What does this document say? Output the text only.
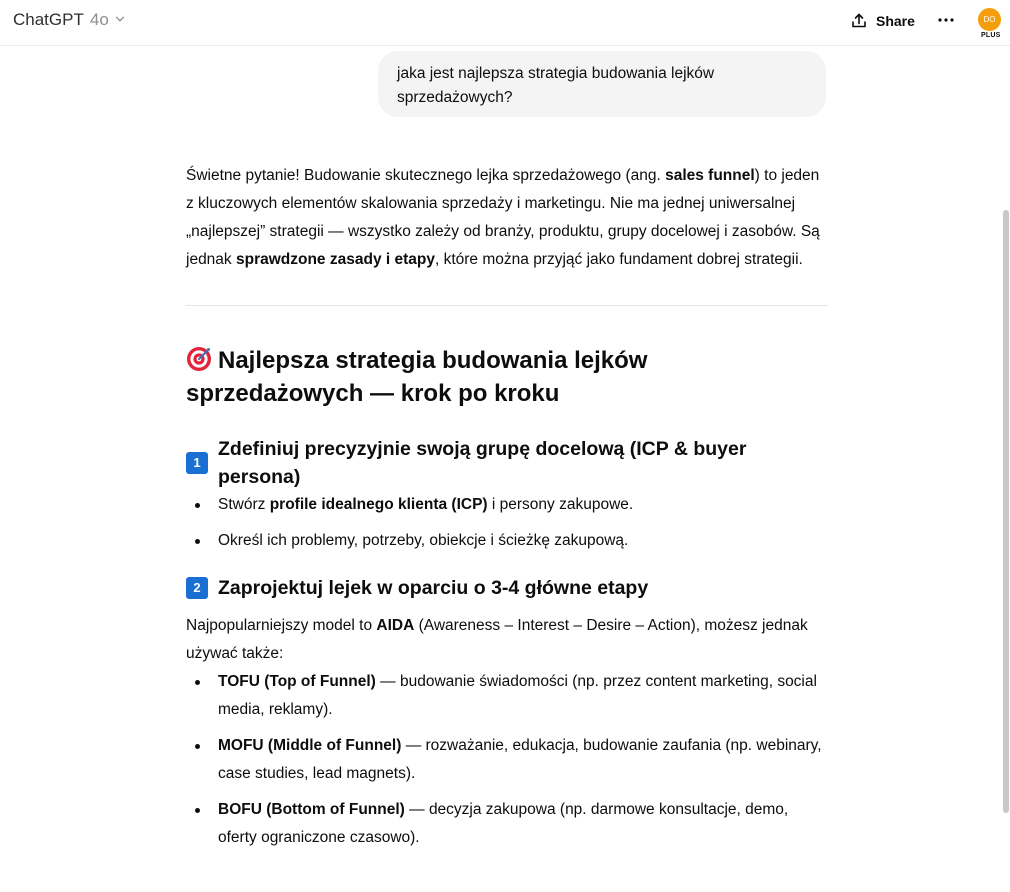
ChatGPT 4o	Share	DO
PLUS
jaka jest najlepsza strategia budowania lejków sprzedażowych?

Świetne pytanie! Budowanie skutecznego lejka sprzedażowego (ang. sales funnel) to jeden z kluczowych elementów skalowania sprzedaży i marketingu. Nie ma jednej uniwersalnej „najlepszej” strategii — wszystko zależy od branży, produktu, grupy docelowej i zasobów. Są jednak sprawdzone zasady i etapy, które można przyjąć jako fundament dobrej strategii.

Najlepsza strategia budowania lejków sprzedażowych — krok po kroku
1
Zdefiniuj precyzyjnie swoją grupę docelową (ICP & buyer persona)
Stwórz profile idealnego klienta (ICP) i persony zakupowe.
Określ ich problemy, potrzeby, obiekcje i ścieżkę zakupową.
2 Zaprojektuj lejek w oparciu o 3-4 główne etapy

Najpopularniejszy model to AIDA (Awareness – Interest – Desire – Action), możesz jednak używać także:

TOFU (Top of Funnel) — budowanie świadomości (np. przez content marketing, social media, reklamy).
MOFU (Middle of Funnel) — rozważanie, edukacja, budowanie zaufania (np. webinary, case studies, lead magnets).
BOFU (Bottom of Funnel) — decyzja zakupowa (np. darmowe konsultacje, demo, oferty ograniczone czasowo).
